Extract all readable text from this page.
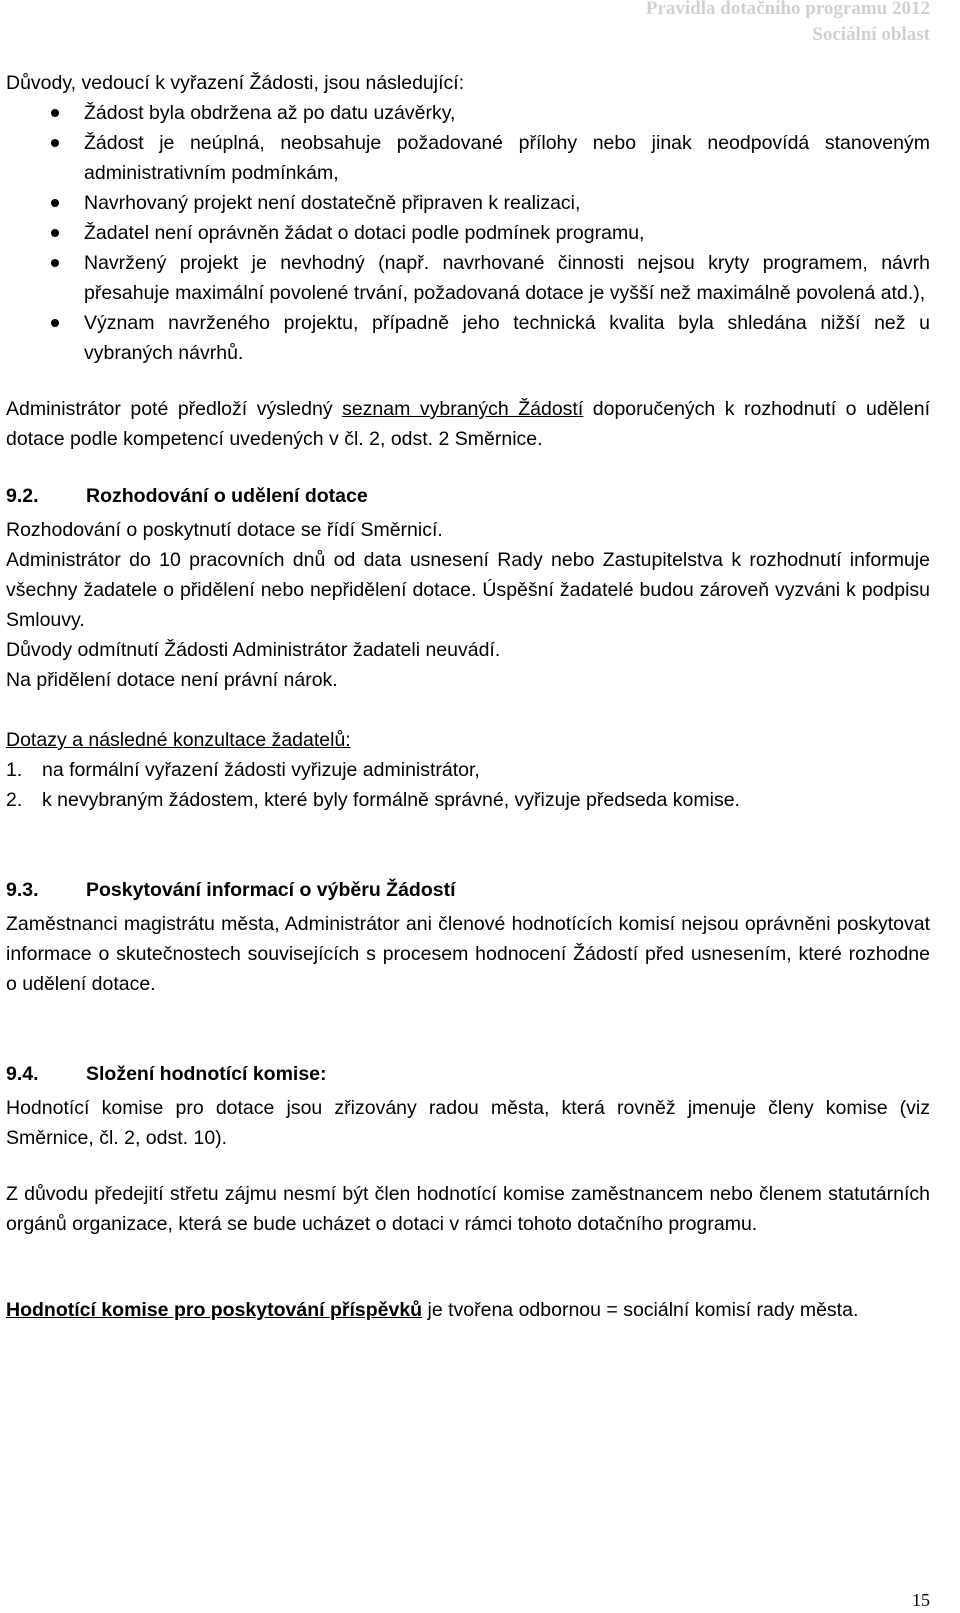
Pravidla dotačního programu 2012
Sociální oblast

Důvody, vedoucí k vyřazení Žádosti, jsou následující:

Žádost byla obdržena až po datu uzávěrky,
Žádost je neúplná, neobsahuje požadované přílohy nebo jinak neodpovídá stanoveným administrativním podmínkám,
Navrhovaný projekt není dostatečně připraven k realizaci,
Žadatel není oprávněn žádat o dotaci podle podmínek programu,
Navržený projekt je nevhodný (např. navrhované činnosti nejsou kryty programem, návrh přesahuje maximální povolené trvání, požadovaná dotace je vyšší než maximálně povolená atd.),
Význam navrženého projektu, případně jeho technická kvalita byla shledána nižší než u vybraných návrhů.

Administrátor poté předloží výsledný seznam vybraných Žádostí doporučených k rozhodnutí o udělení dotace podle kompetencí uvedených v čl. 2, odst. 2 Směrnice.

9.2. Rozhodování o udělení dotace

Rozhodování o poskytnutí dotace se řídí Směrnicí.

Administrátor do 10 pracovních dnů od data usnesení Rady nebo Zastupitelstva k rozhodnutí informuje všechny žadatele o přidělení nebo nepřidělení dotace. Úspěšní žadatelé budou zároveň vyzváni k podpisu Smlouvy.

Důvody odmítnutí Žádosti Administrátor žadateli neuvádí.

Na přidělení dotace není právní nárok.

Dotazy a následné konzultace žadatelů:

1. na formální vyřazení žádosti vyřizuje administrátor,
2. k nevybraným žádostem, které byly formálně správné, vyřizuje předseda komise.
9.3. Poskytování informací o výběru Žádostí

Zaměstnanci magistrátu města, Administrátor ani členové hodnotících komisí nejsou oprávněni poskytovat informace o skutečnostech souvisejících s procesem hodnocení Žádostí před usnesením, které rozhodne o udělení dotace.

9.4. Složení hodnotící komise:

Hodnotící komise pro dotace jsou zřizovány radou města, která rovněž jmenuje členy komise (viz Směrnice, čl. 2, odst. 10).

Z důvodu předejití střetu zájmu nesmí být člen hodnotící komise zaměstnancem nebo členem statutárních orgánů organizace, která se bude ucházet o dotaci v rámci tohoto dotačního programu.

Hodnotící komise pro poskytování příspěvků je tvořena odbornou = sociální komisí rady města.

15
